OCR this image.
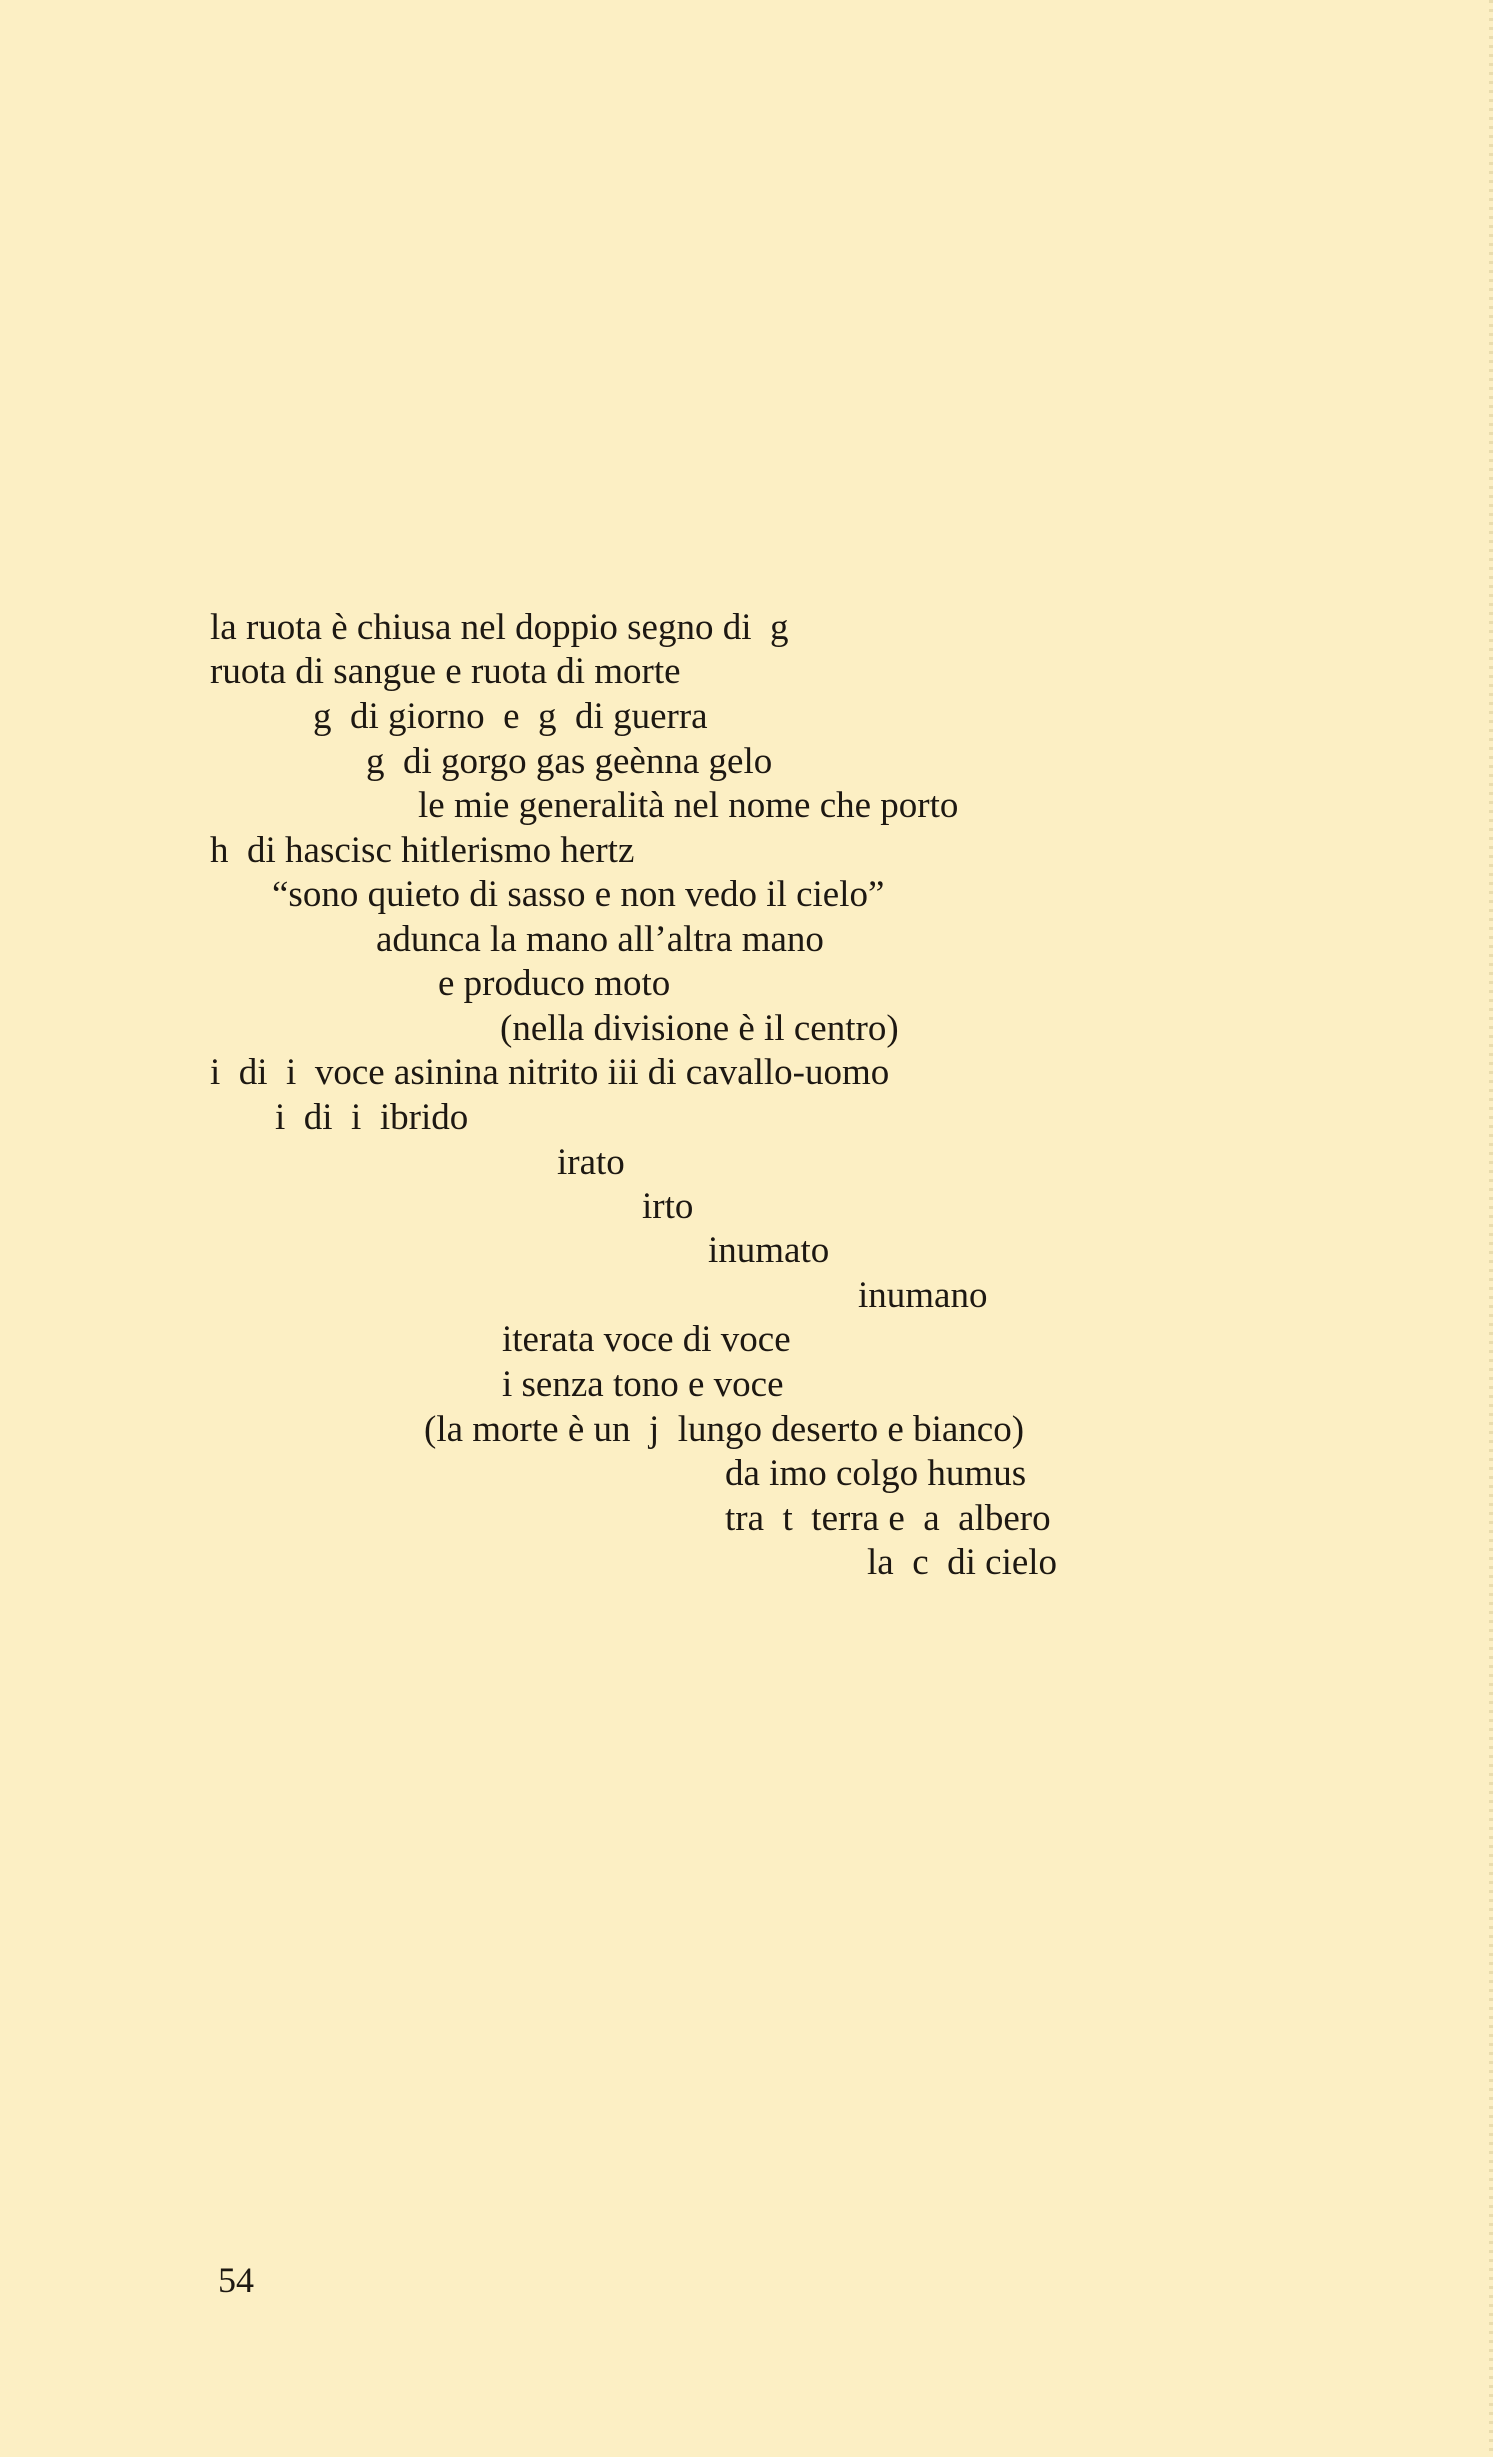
la ruota è chiusa nel doppio segno di  g

ruota di sangue e ruota di morte

g  di giorno  e  g  di guerra

g  di gorgo gas geènna gelo

le mie generalità nel nome che porto

h  di hascisc hitlerismo hertz

“sono quieto di sasso e non vedo il cielo”

adunca la mano all’altra mano

e produco moto

(nella divisione è il centro)

i  di  i  voce asinina nitrito iii di cavallo-uomo

i  di  i  ibrido

irato

irto

inumato

inumano

iterata voce di voce

i senza tono e voce

(la morte è un  j  lungo deserto e bianco)

da imo colgo humus

tra  t  terra e  a  albero

la  c  di cielo

54
